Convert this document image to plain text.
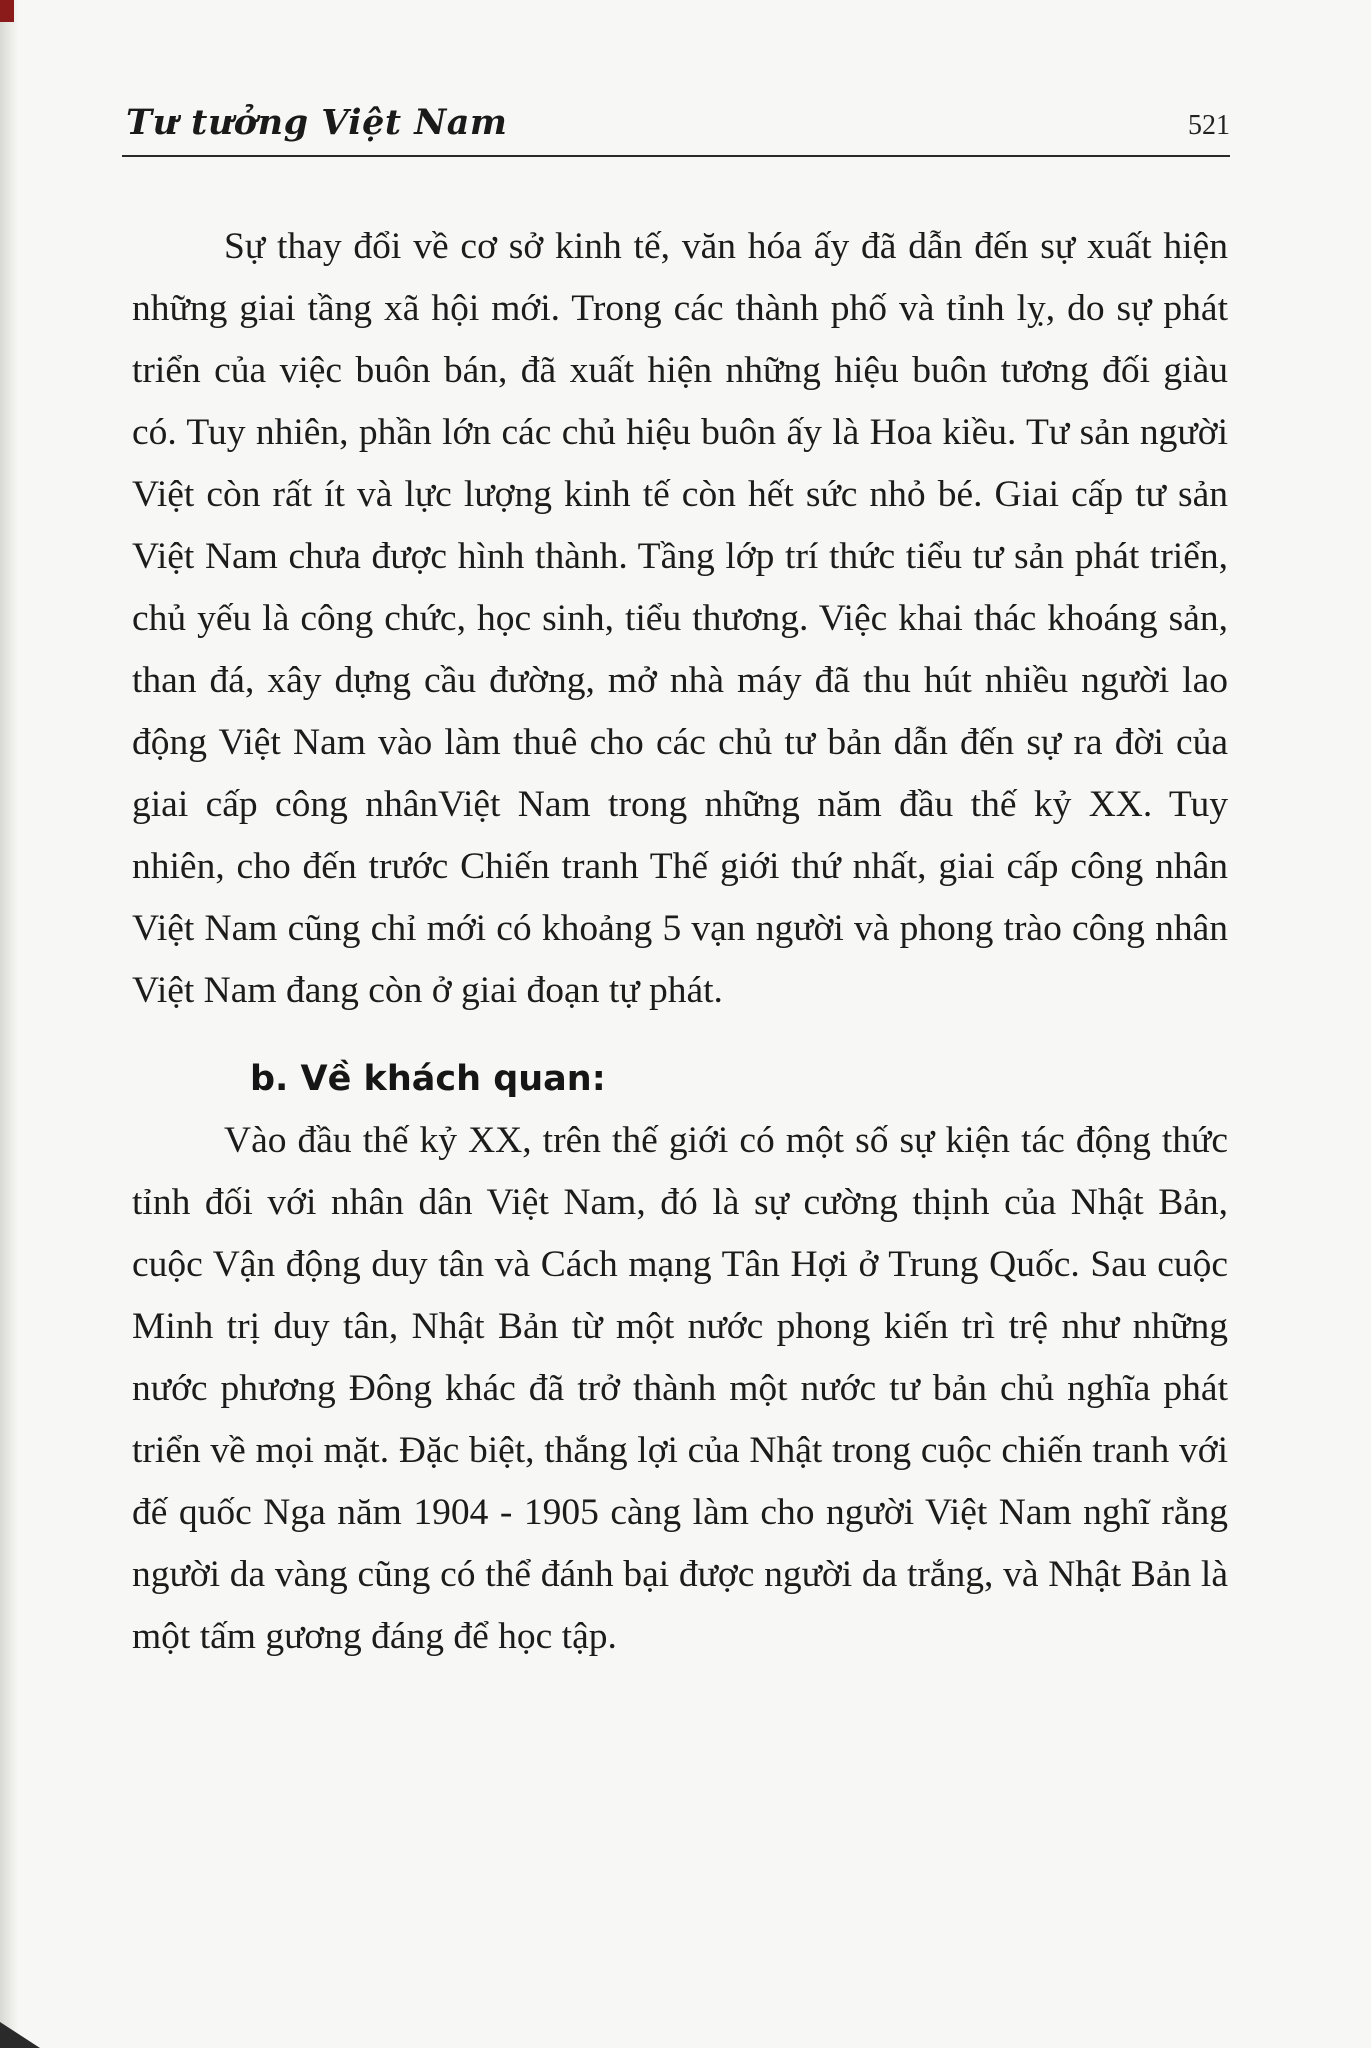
Tư tưởng Việt Nam	521

Sự thay đổi về cơ sở kinh tế, văn hóa ấy đã dẫn đến sự xuất hiện những giai tầng xã hội mới. Trong các thành phố và tỉnh lỵ, do sự phát triển của việc buôn bán, đã xuất hiện những hiệu buôn tương đối giàu có. Tuy nhiên, phần lớn các chủ hiệu buôn ấy là Hoa kiều. Tư sản người Việt còn rất ít và lực lượng kinh tế còn hết sức nhỏ bé. Giai cấp tư sản Việt Nam chưa được hình thành. Tầng lớp trí thức tiểu tư sản phát triển, chủ yếu là công chức, học sinh, tiểu thương. Việc khai thác khoáng sản, than đá, xây dựng cầu đường, mở nhà máy đã thu hút nhiều người lao động Việt Nam vào làm thuê cho các chủ tư bản dẫn đến sự ra đời của giai cấp công nhânViệt Nam trong những năm đầu thế kỷ XX. Tuy nhiên, cho đến trước Chiến tranh Thế giới thứ nhất, giai cấp công nhân Việt Nam cũng chỉ mới có khoảng 5 vạn người và phong trào công nhân Việt Nam đang còn ở giai đoạn tự phát.

b. Về khách quan:

Vào đầu thế kỷ XX, trên thế giới có một số sự kiện tác động thức tỉnh đối với nhân dân Việt Nam, đó là sự cường thịnh của Nhật Bản, cuộc Vận động duy tân và Cách mạng Tân Hợi ở Trung Quốc. Sau cuộc Minh trị duy tân, Nhật Bản từ một nước phong kiến trì trệ như những nước phương Đông khác đã trở thành một nước tư bản chủ nghĩa phát triển về mọi mặt. Đặc biệt, thắng lợi của Nhật trong cuộc chiến tranh với đế quốc Nga năm 1904 - 1905 càng làm cho người Việt Nam nghĩ rằng người da vàng cũng có thể đánh bại được người da trắng, và Nhật Bản là một tấm gương đáng để học tập.
